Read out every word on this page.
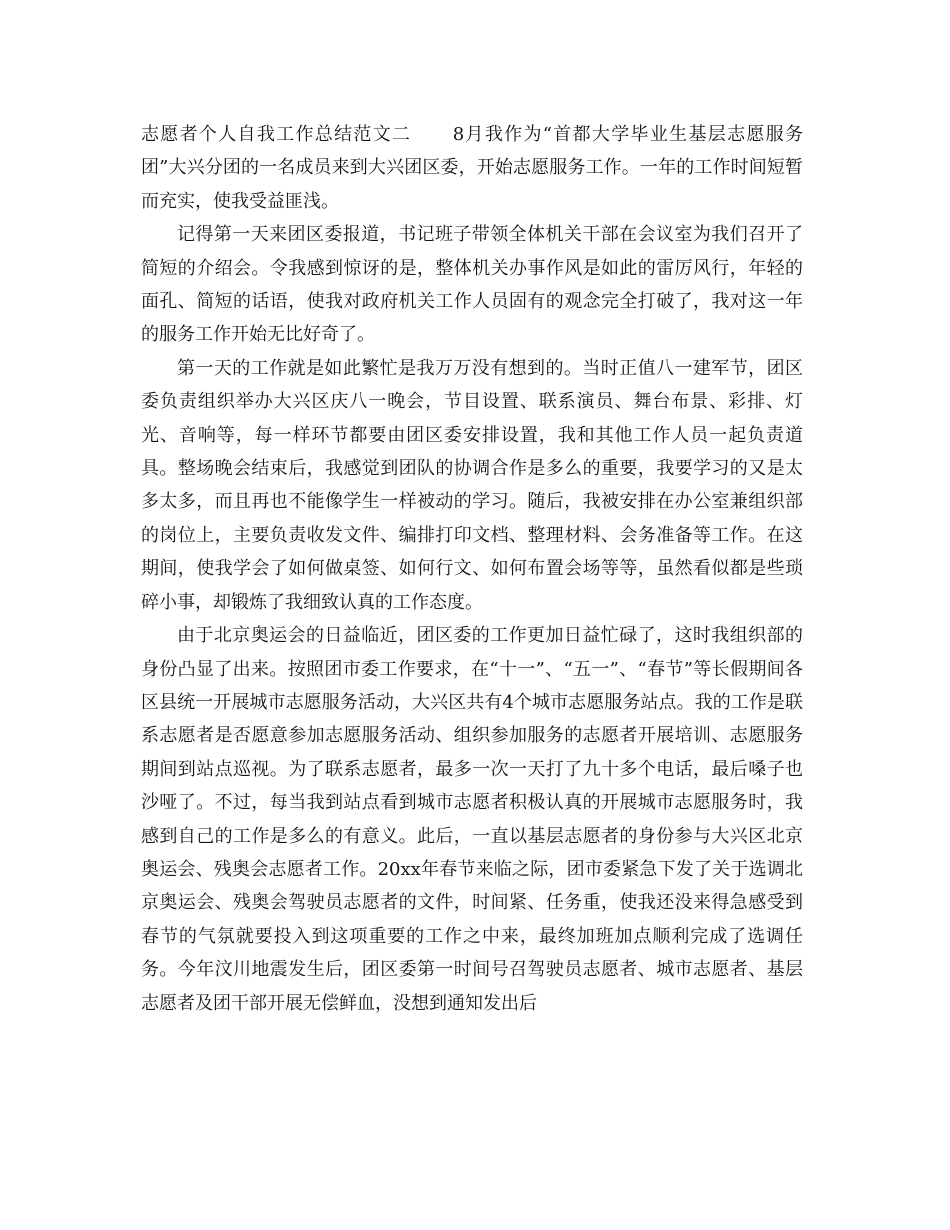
志愿者个人自我工作总结范文二 8月我作为“首都大学毕业生基层志愿服务团”大兴分团的一名成员来到大兴团区委，开始志愿服务工作。一年的工作时间短暂而充实，使我受益匪浅。

记得第一天来团区委报道，书记班子带领全体机关干部在会议室为我们召开了简短的介绍会。令我感到惊讶的是，整体机关办事作风是如此的雷厉风行，年轻的面孔、简短的话语，使我对政府机关工作人员固有的观念完全打破了，我对这一年的服务工作开始无比好奇了。

第一天的工作就是如此繁忙是我万万没有想到的。当时正值八一建军节，团区委负责组织举办大兴区庆八一晚会，节目设置、联系演员、舞台布景、彩排、灯光、音响等，每一样环节都要由团区委安排设置，我和其他工作人员一起负责道具。整场晚会结束后，我感觉到团队的协调合作是多么的重要，我要学习的又是太多太多，而且再也不能像学生一样被动的学习。随后，我被安排在办公室兼组织部的岗位上，主要负责收发文件、编排打印文档、整理材料、会务准备等工作。在这期间，使我学会了如何做桌签、如何行文、如何布置会场等等，虽然看似都是些琐碎小事，却锻炼了我细致认真的工作态度。

由于北京奥运会的日益临近，团区委的工作更加日益忙碌了，这时我组织部的身份凸显了出来。按照团市委工作要求，在“十一”、“五一”、“春节”等长假期间各区县统一开展城市志愿服务活动，大兴区共有4个城市志愿服务站点。我的工作是联系志愿者是否愿意参加志愿服务活动、组织参加服务的志愿者开展培训、志愿服务期间到站点巡视。为了联系志愿者，最多一次一天打了九十多个电话，最后嗓子也沙哑了。不过，每当我到站点看到城市志愿者积极认真的开展城市志愿服务时，我感到自己的工作是多么的有意义。此后，一直以基层志愿者的身份参与大兴区北京奥运会、残奥会志愿者工作。20xx年春节来临之际，团市委紧急下发了关于选调北京奥运会、残奥会驾驶员志愿者的文件，时间紧、任务重，使我还没来得急感受到春节的气氛就要投入到这项重要的工作之中来，最终加班加点顺利完成了选调任务。今年汶川地震发生后，团区委第一时间号召驾驶员志愿者、城市志愿者、基层志愿者及团干部开展无偿鲜血，没想到通知发出后
